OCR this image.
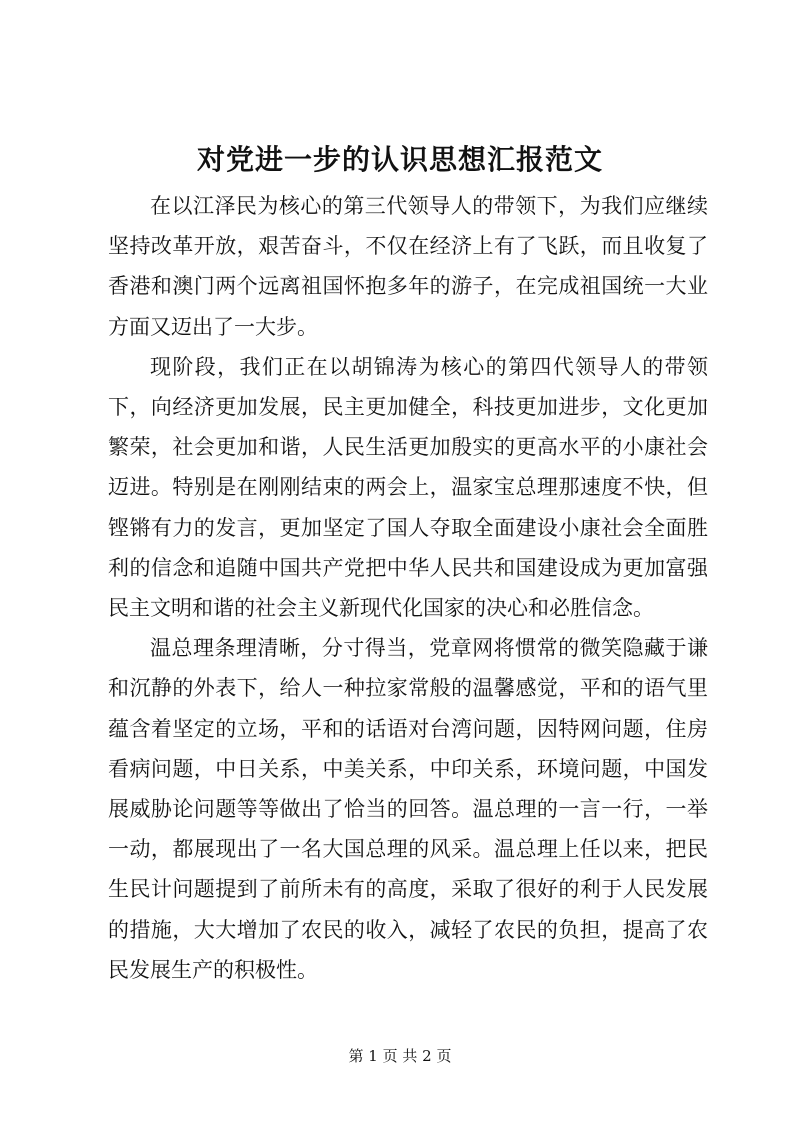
对党进一步的认识思想汇报范文

在以江泽民为核心的第三代领导人的带领下，为我们应继续坚持改革开放，艰苦奋斗，不仅在经济上有了飞跃，而且收复了香港和澳门两个远离祖国怀抱多年的游子，在完成祖国统一大业方面又迈出了一大步。

现阶段，我们正在以胡锦涛为核心的第四代领导人的带领下，向经济更加发展，民主更加健全，科技更加进步，文化更加繁荣，社会更加和谐，人民生活更加殷实的更高水平的小康社会迈进。特别是在刚刚结束的两会上，温家宝总理那速度不快，但铿锵有力的发言，更加坚定了国人夺取全面建设小康社会全面胜利的信念和追随中国共产党把中华人民共和国建设成为更加富强民主文明和谐的社会主义新现代化国家的决心和必胜信念。

温总理条理清晰，分寸得当，党章网将惯常的微笑隐藏于谦和沉静的外表下，给人一种拉家常般的温馨感觉，平和的语气里蕴含着坚定的立场，平和的话语对台湾问题，因特网问题，住房看病问题，中日关系，中美关系，中印关系，环境问题，中国发展威胁论问题等等做出了恰当的回答。温总理的一言一行，一举一动，都展现出了一名大国总理的风采。温总理上任以来，把民生民计问题提到了前所未有的高度，采取了很好的利于人民发展的措施，大大增加了农民的收入，减轻了农民的负担，提高了农民发展生产的积极性。

第 1 页 共 2 页
